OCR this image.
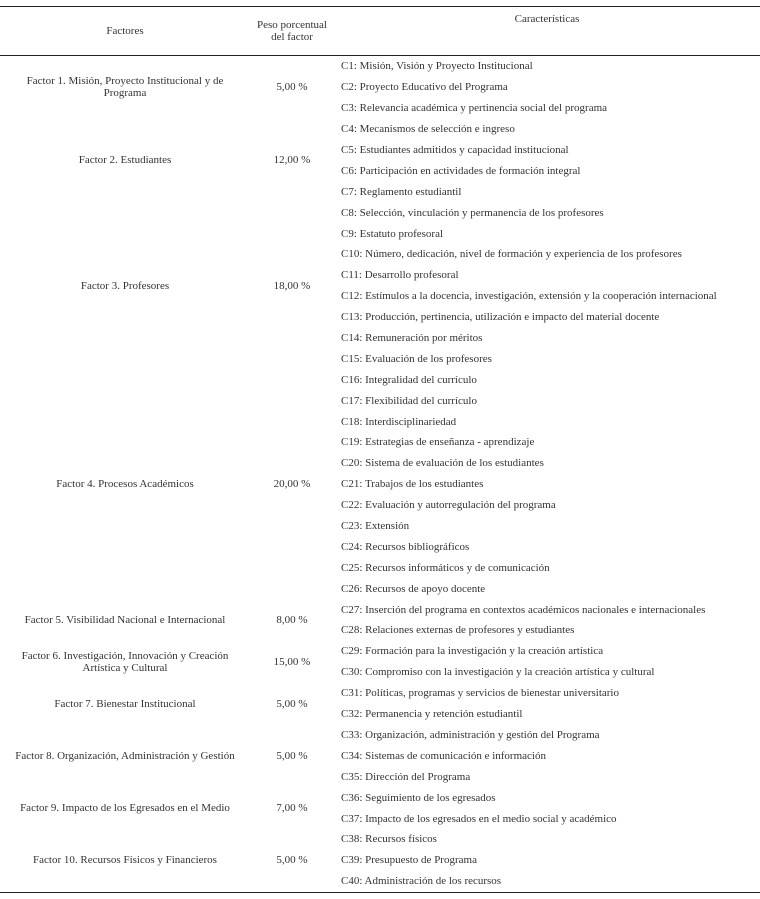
Factores	Peso porcentual del factor	Características
Factor 1. Misión, Proyecto Institucional y de Programa	5,00 %	C1: Misión, Visión y Proyecto Institucional
		C2: Proyecto Educativo del Programa
		C3: Relevancia académica y pertinencia social del programa
Factor 2. Estudiantes	12,00 %	C4: Mecanismos de selección e ingreso
		C5: Estudiantes admitidos y capacidad institucional
		C6: Participación en actividades de formación integral
		C7: Reglamento estudiantil
Factor 3. Profesores	18,00 %	C8: Selección, vinculación y permanencia de los profesores
		C9: Estatuto profesoral
		C10: Número, dedicación, nivel de formación y experiencia de los profesores
		C11: Desarrollo profesoral
		C12: Estímulos a la docencia, investigación, extensión y la cooperación internacional
		C13: Producción, pertinencia, utilización e impacto del material docente
		C14: Remuneración por méritos
		C15: Evaluación de los profesores
Factor 4. Procesos Académicos	20,00 %	C16: Integralidad del currículo
		C17: Flexibilidad del currículo
		C18: Interdisciplinariedad
		C19: Estrategias de enseñanza - aprendizaje
		C20: Sistema de evaluación de los estudiantes
		C21: Trabajos de los estudiantes
		C22: Evaluación y autorregulación del programa
		C23: Extensión
		C24: Recursos bibliográficos
		C25: Recursos informáticos y de comunicación
		C26: Recursos de apoyo docente
Factor 5. Visibilidad Nacional e Internacional	8,00 %	C27: Inserción del programa en contextos académicos nacionales e internacionales
		C28: Relaciones externas de profesores y estudiantes
Factor 6. Investigación, Innovación y Creación Artística y Cultural	15,00 %	C29: Formación para la investigación y la creación artística
		C30: Compromiso con la investigación y la creación artística y cultural
Factor 7. Bienestar Institucional	5,00 %	C31: Políticas, programas y servicios de bienestar universitario
		C32: Permanencia y retención estudiantil
Factor 8. Organización, Administración y Gestión	5,00 %	C33: Organización, administración y gestión del Programa
		C34: Sistemas de comunicación e información
		C35: Dirección del Programa
Factor 9. Impacto de los Egresados en el Medio	7,00 %	C36: Seguimiento de los egresados
		C37: Impacto de los egresados en el medio social y académico
Factor 10. Recursos Físicos y Financieros	5,00 %	C38: Recursos físicos
		C39: Presupuesto de Programa
		C40: Administración de los recursos
